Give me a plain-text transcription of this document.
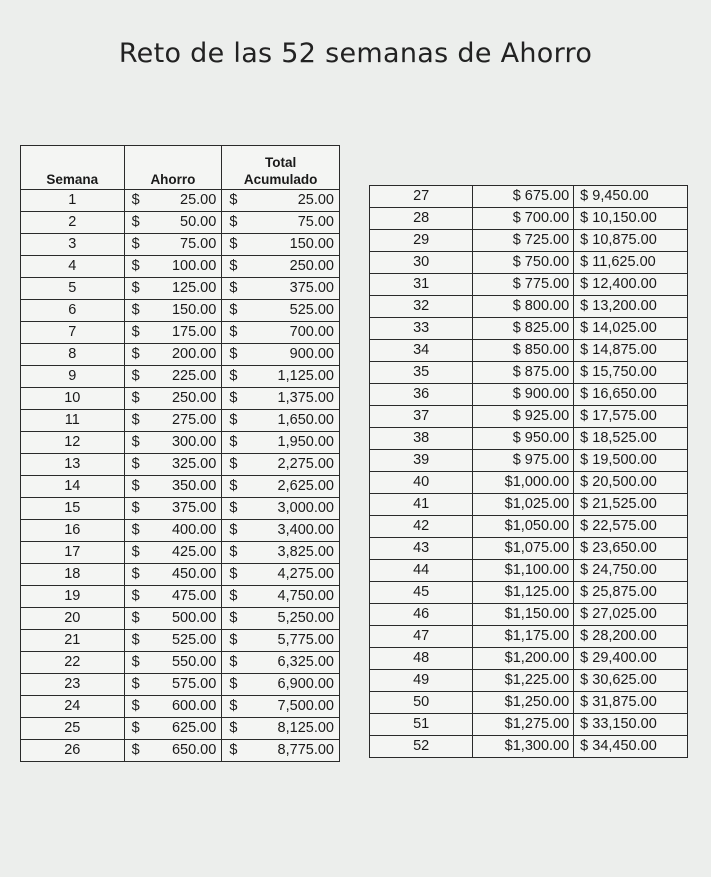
Reto de las 52 semanas de Ahorro
Semana	Ahorro	Total
Acumulado

1	$ 25.00	$ 25.00

2	$ 50.00	$ 75.00

3	$ 75.00	$ 150.00

4	$ 100.00	$ 250.00

5	$ 125.00	$ 375.00

6	$ 150.00	$ 525.00

7	$ 175.00	$ 700.00

8	$ 200.00	$ 900.00

9	$ 225.00	$ 1,125.00

10	$ 250.00	$ 1,375.00

11	$ 275.00	$ 1,650.00

12	$ 300.00	$ 1,950.00

13	$ 325.00	$ 2,275.00

14	$ 350.00	$ 2,625.00

15	$ 375.00	$ 3,000.00

16	$ 400.00	$ 3,400.00

17	$ 425.00	$ 3,825.00

18	$ 450.00	$ 4,275.00

19	$ 475.00	$ 4,750.00

20	$ 500.00	$ 5,250.00

21	$ 525.00	$ 5,775.00

22	$ 550.00	$ 6,325.00

23	$ 575.00	$ 6,900.00

24	$ 600.00	$ 7,500.00

25	$ 625.00	$ 8,125.00

26	$ 650.00	$ 8,775.00
27	$ 675.00	$ 9,450.00

28	$ 700.00	$ 10,150.00

29	$ 725.00	$ 10,875.00

30	$ 750.00	$ 11,625.00

31	$ 775.00	$ 12,400.00

32	$ 800.00	$ 13,200.00

33	$ 825.00	$ 14,025.00

34	$ 850.00	$ 14,875.00

35	$ 875.00	$ 15,750.00

36	$ 900.00	$ 16,650.00

37	$ 925.00	$ 17,575.00

38	$ 950.00	$ 18,525.00

39	$ 975.00	$ 19,500.00

40	$1,000.00	$ 20,500.00

41	$1,025.00	$ 21,525.00

42	$1,050.00	$ 22,575.00

43	$1,075.00	$ 23,650.00

44	$1,100.00	$ 24,750.00

45	$1,125.00	$ 25,875.00

46	$1,150.00	$ 27,025.00

47	$1,175.00	$ 28,200.00

48	$1,200.00	$ 29,400.00

49	$1,225.00	$ 30,625.00

50	$1,250.00	$ 31,875.00

51	$1,275.00	$ 33,150.00

52	$1,300.00	$ 34,450.00
